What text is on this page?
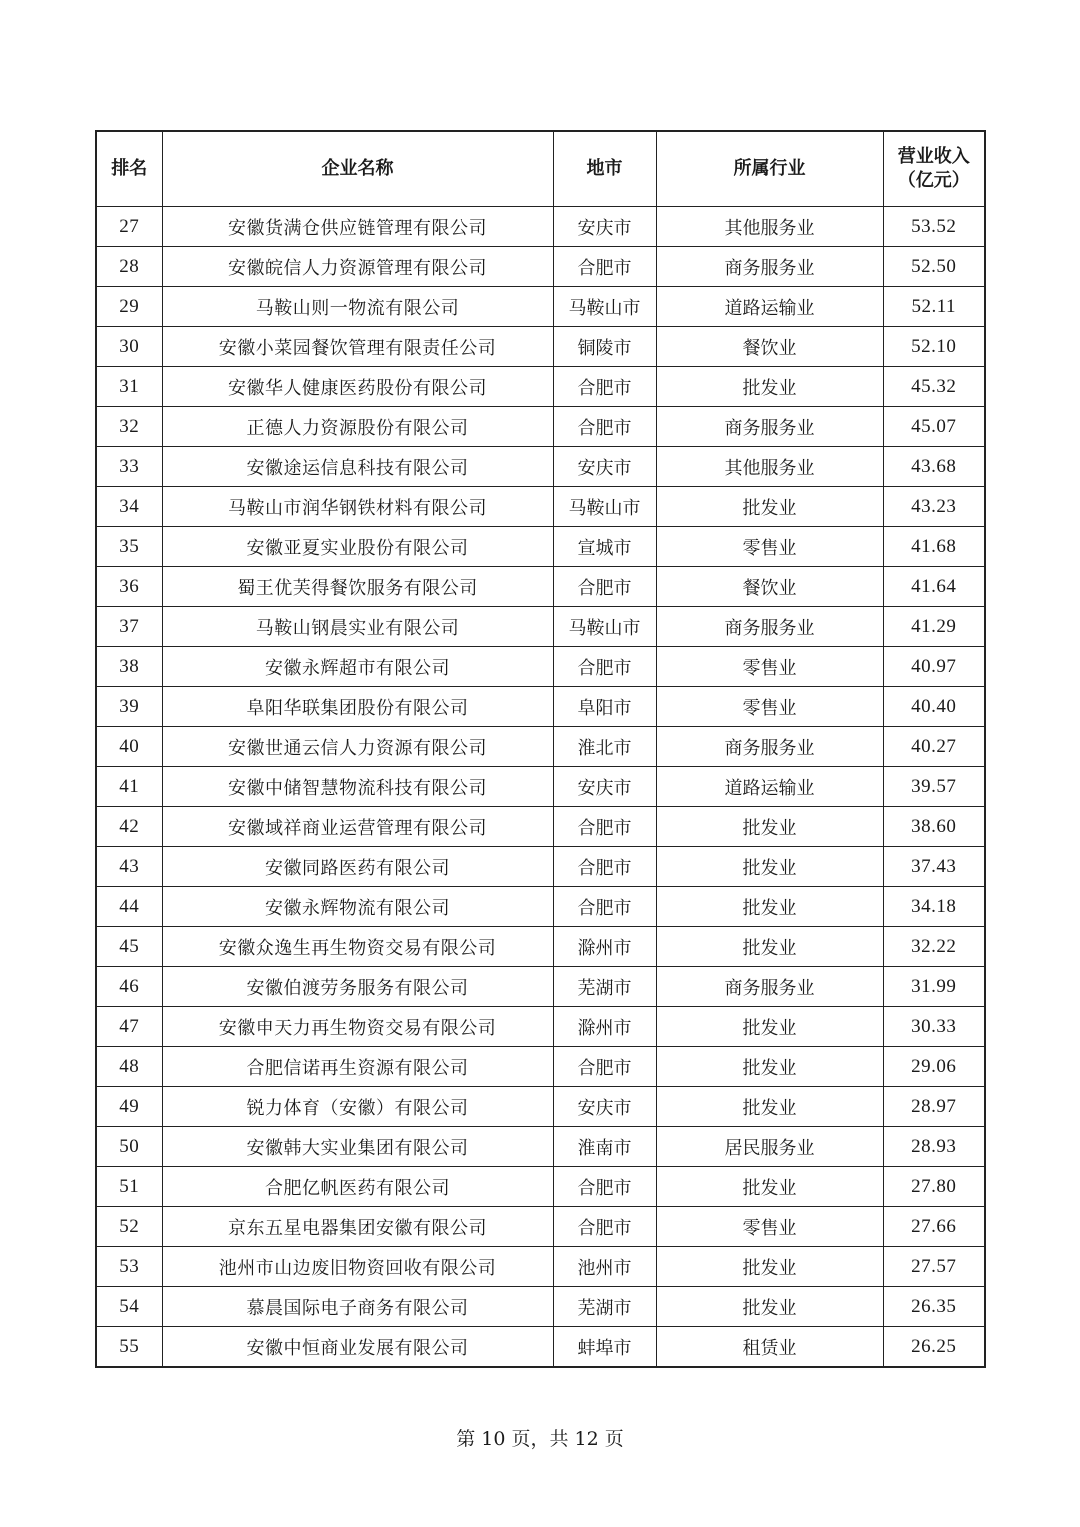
排名	企业名称	地市	所属行业	营业收入
（亿元）

27	安徽货满仓供应链管理有限公司	安庆市	其他服务业	53.52
28	安徽皖信人力资源管理有限公司	合肥市	商务服务业	52.50
29	马鞍山则一物流有限公司	马鞍山市	道路运输业	52.11
30	安徽小菜园餐饮管理有限责任公司	铜陵市	餐饮业	52.10
31	安徽华人健康医药股份有限公司	合肥市	批发业	45.32
32	正德人力资源股份有限公司	合肥市	商务服务业	45.07
33	安徽途运信息科技有限公司	安庆市	其他服务业	43.68
34	马鞍山市润华钢铁材料有限公司	马鞍山市	批发业	43.23
35	安徽亚夏实业股份有限公司	宣城市	零售业	41.68
36	蜀王优芙得餐饮服务有限公司	合肥市	餐饮业	41.64
37	马鞍山钢晨实业有限公司	马鞍山市	商务服务业	41.29
38	安徽永辉超市有限公司	合肥市	零售业	40.97
39	阜阳华联集团股份有限公司	阜阳市	零售业	40.40
40	安徽世通云信人力资源有限公司	淮北市	商务服务业	40.27
41	安徽中储智慧物流科技有限公司	安庆市	道路运输业	39.57
42	安徽域祥商业运营管理有限公司	合肥市	批发业	38.60
43	安徽同路医药有限公司	合肥市	批发业	37.43
44	安徽永辉物流有限公司	合肥市	批发业	34.18
45	安徽众逸生再生物资交易有限公司	滁州市	批发业	32.22
46	安徽伯渡劳务服务有限公司	芜湖市	商务服务业	31.99
47	安徽申天力再生物资交易有限公司	滁州市	批发业	30.33
48	合肥信诺再生资源有限公司	合肥市	批发业	29.06
49	锐力体育（安徽）有限公司	安庆市	批发业	28.97
50	安徽韩大实业集团有限公司	淮南市	居民服务业	28.93
51	合肥亿帆医药有限公司	合肥市	批发业	27.80
52	京东五星电器集团安徽有限公司	合肥市	零售业	27.66
53	池州市山边废旧物资回收有限公司	池州市	批发业	27.57
54	慕晨国际电子商务有限公司	芜湖市	批发业	26.35
55	安徽中恒商业发展有限公司	蚌埠市	租赁业	26.25
第 10 页，共 12 页
